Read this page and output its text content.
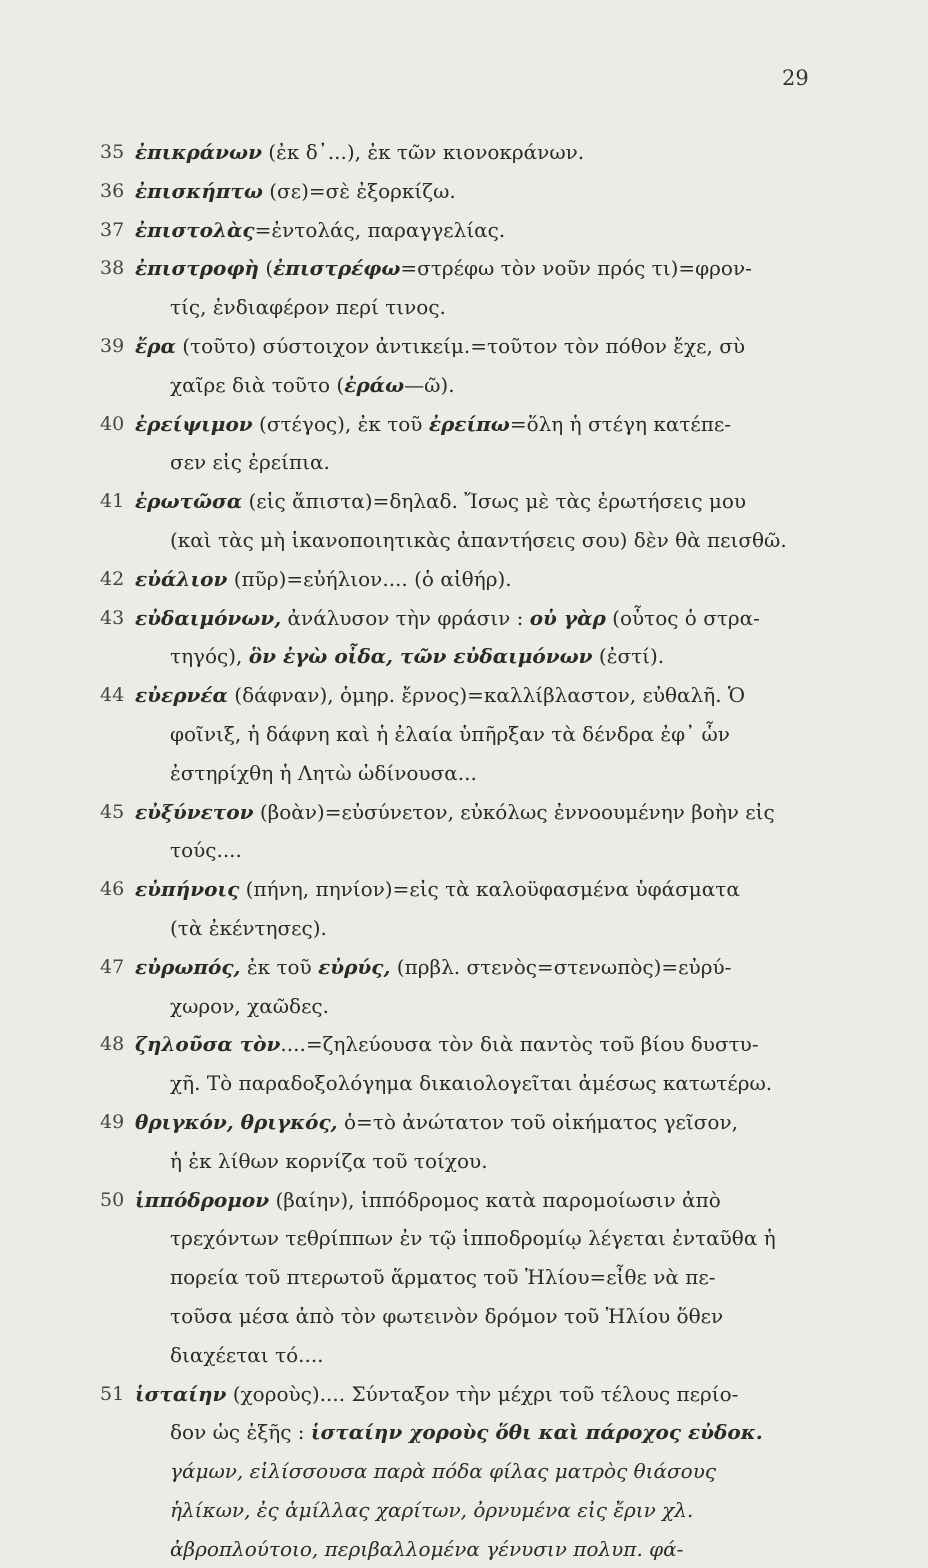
29
35 ἐπικράνων (ἐκ δ᾽...), ἐκ τῶν κιονοκράνων.
36 ἐπισκήπτω (σε)=σὲ ἐξορκίζω.
37 ἐπιστολὰς=ἐντολάς, παραγγελίας.
38 ἐπιστροφὴ (ἐπιστρέφω=στρέφω τὸν νοῦν πρός τι)=φρον-
τίς, ἐνδιαφέρον περί τινος.
39 ἔρα (τοῦτο) σύστοιχον ἀντικείμ.=τοῦτον τὸν πόθον ἔχε, σὺ
χαῖρε διὰ τοῦτο (ἐράω—ῶ).
40 ἐρείψιμον (στέγος), ἐκ τοῦ ἐρείπω=ὅλη ἡ στέγη κατέπε-
σεν εἰς ἐρείπια.
41 ἐρωτῶσα (εἰς ἄπιστα)=δηλαδ. Ἴσως μὲ τὰς ἐρωτήσεις μου
(καὶ τὰς μὴ ἱκανοποιητικὰς ἀπαντήσεις σου) δὲν θὰ πεισθῶ.
42 εὐάλιον (πῦρ)=εὐήλιον.... (ὁ αἰθήρ).
43 εὐδαιμόνων, ἀνάλυσον τὴν φράσιν : οὐ γὰρ (οὗτος ὁ στρα-
τηγός), ὃν ἐγὼ οἶδα, τῶν εὐδαιμόνων (ἐστί).
44 εὐερνέα (δάφναν), ὁμηρ. ἔρνος)=καλλίβλαστον, εὐθαλῆ. Ὁ
φοῖνιξ, ἡ δάφνη καὶ ἡ ἐλαία ὑπῆρξαν τὰ δένδρα ἐφ᾽ ὧν
ἐστηρίχθη ἡ Λητὼ ὠδίνουσα...
45 εὐξύνετον (βοὰν)=εὐσύνετον, εὐκόλως ἐννοουμένην βοὴν εἰς
τούς....
46 εὐπήνοις (πήνη, πηνίον)=εἰς τὰ καλοϋφασμένα ὑφάσματα
(τὰ ἐκέντησες).
47 εὐρωπός, ἐκ τοῦ εὐρύς, (πρβλ. στενὸς=στενωπὸς)=εὐρύ-
χωρον, χαῶδες.
48 ζηλοῦσα τὸν....=ζηλεύουσα τὸν διὰ παντὸς τοῦ βίου δυστυ-
χῆ. Τὸ παραδοξολόγημα δικαιολογεῖται ἀμέσως κατωτέρω.
49 θριγκόν, θριγκός, ὁ=τὸ ἀνώτατον τοῦ οἰκήματος γεῖσον,
ἡ ἐκ λίθων κορνίζα τοῦ τοίχου.
50 ἱππόδρομον (βαίην), ἱππόδρομος κατὰ παρομοίωσιν ἀπὸ
τρεχόντων τεθρίππων ἐν τῷ ἱπποδρομίῳ λέγεται ἐνταῦθα ἡ
πορεία τοῦ πτερωτοῦ ἅρματος τοῦ Ἡλίου=εἶθε νὰ πε-
τοῦσα μέσα ἀπὸ τὸν φωτεινὸν δρόμον τοῦ Ἡλίου ὅθεν
διαχέεται τό....
51 ἱσταίην (χοροὺς).... Σύνταξον τὴν μέχρι τοῦ τέλους περίο-
δον ὡς ἑξῆς : ἱσταίην χοροὺς ὅθι καὶ πάροχος εὐδοκ.
γάμων, εἱλίσσουσα παρὰ πόδα φίλας ματρὸς θιάσους
ἡλίκων, ἐς ἁμίλλας χαρίτων, ὀρνυμένα εἰς ἔριν χλ.
ἀβροπλούτοιο, περιβαλλομένα γένυσιν πολυπ. φά-
